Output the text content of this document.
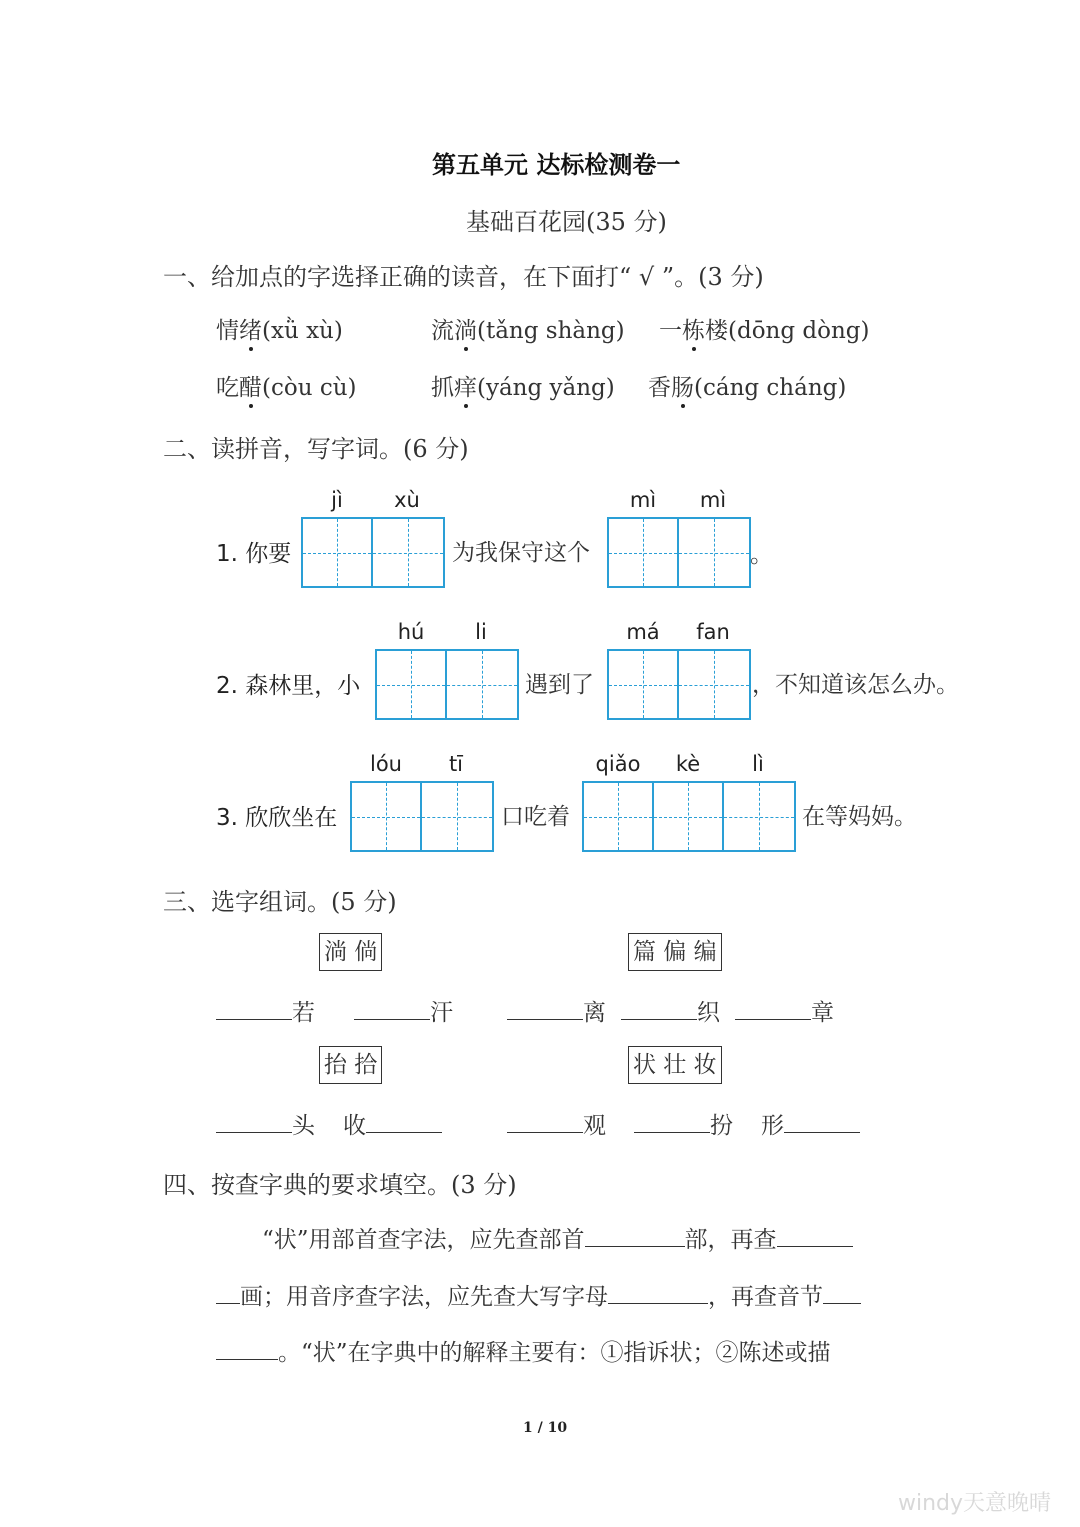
第五单元 达标检测卷一
基础百花园(35 分)
一、给加点的字选择正确的读音，在下面打“ √ ”。(3 分)
情绪(xǜ xù)	流淌(tǎng shàng) 一栋楼(dōng dòng)
吃醋(còu cù)	抓痒(yáng yǎng) 香肠(cáng cháng)
二、读拼音，写字词。(6 分)
jì	xù
1. 你要	为我保守这个
mì	mì
。
hú	li
2. 森林里，小	遇到了
má	fan
，不知道该怎么办。
lóu	tī
3. 欣欣坐在	口吃着
qiǎo	kè	lì
在等妈妈。
三、选字组词。(5 分)
淌 倘	篇 偏 编
若	汗	离	织	章
抬 拾	状 壮 妆
头 收	观	扮 形
四、按查字典的要求填空。(3 分)
“状”用部首查字法，应先查部首	部，再查
画；用音序查字法，应先查大写字母	，再查音节
。“状”在字典中的解释主要有：①指诉状；②陈述或描
1 / 10
windy天意晚晴
